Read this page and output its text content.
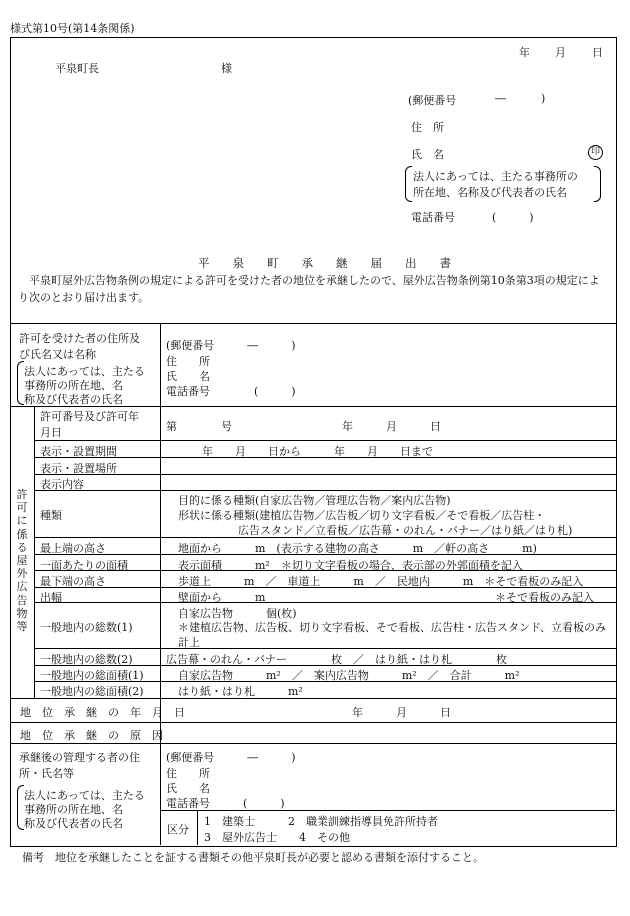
様式第10号(第14条関係)
年 月 日
平泉町長	様
(郵便番号	―	)
住　所
氏　名	印
法人にあっては、主たる事務所の
所在地、名称及び代表者の氏名
電話番号	(　　　)
平　　泉　　町　　承　　継　　届　　出　　書
平泉町屋外広告物条例の規定による許可を受けた者の地位を承継したので、屋外広告物条例第10条第3項の規定により次のとおり届け出ます。
許可を受けた者の住所及
び氏名又は名称
法人にあっては、主たる
事務所の所在地、名
称及び代表者の氏名
(郵便番号　　　―　　　)
住　　所
氏　　名
電話番号　　　　(　　　)
許可に係る屋外広告物等
許可番号及び許可年
月日	第　　　　号　　　　　　　　　　年　　　月　　　日
表示・設置期間	年　　月　　日から　　　年　　月　　日まで
表示・設置場所
表示内容
種類
目的に係る種類(自家広告物／管理広告物／案内広告物)
形状に係る種類(建植広告物／広告板／切り文字看板／そで看板／広告柱・
広告スタンド／立看板／広告幕・のれん・バナー／はり紙／はり札)
最上端の高さ	地面から　　　m　(表示する建物の高さ　　　m　／軒の高さ　　　m)
一面あたりの面積	表示面積　　　m²　＊切り文字看板の場合、表示部の外郭面積を記入
最下端の高さ	歩道上　　　m　／　車道上　　　m　／　民地内　　　m　＊そで看板のみ記入
出幅	壁面から　　　m	＊そで看板のみ記入
一般地内の総数(1)
自家広告物　　　個(枚)
＊建植広告物、広告板、切り文字看板、そで看板、広告柱・広告スタンド、立看板のみ計上
一般地内の総数(2)	広告幕・のれん・バナー　　　　枚　／　はり紙・はり札　　　　枚
一般地内の総面積(1)	自家広告物　　　m²　／　案内広告物　　　m²　／　合計　　　m²
一般地内の総面積(2)	はり紙・はり札　　　m²
地　位　承　継　の　年　月　日	年　　　月　　　日
地　位　承　継　の　原　因
承継後の管理する者の住
所・氏名等
法人にあっては、主たる
事務所の所在地、名
称及び代表者の氏名
(郵便番号　　　―　　　)
住　　所
氏　　名
電話番号　　　(　　　)
区分
1　建築士　　　2　職業訓練指導員免許所持者
3　屋外広告士　　4　その他
備考　地位を承継したことを証する書類その他平泉町長が必要と認める書類を添付すること。
